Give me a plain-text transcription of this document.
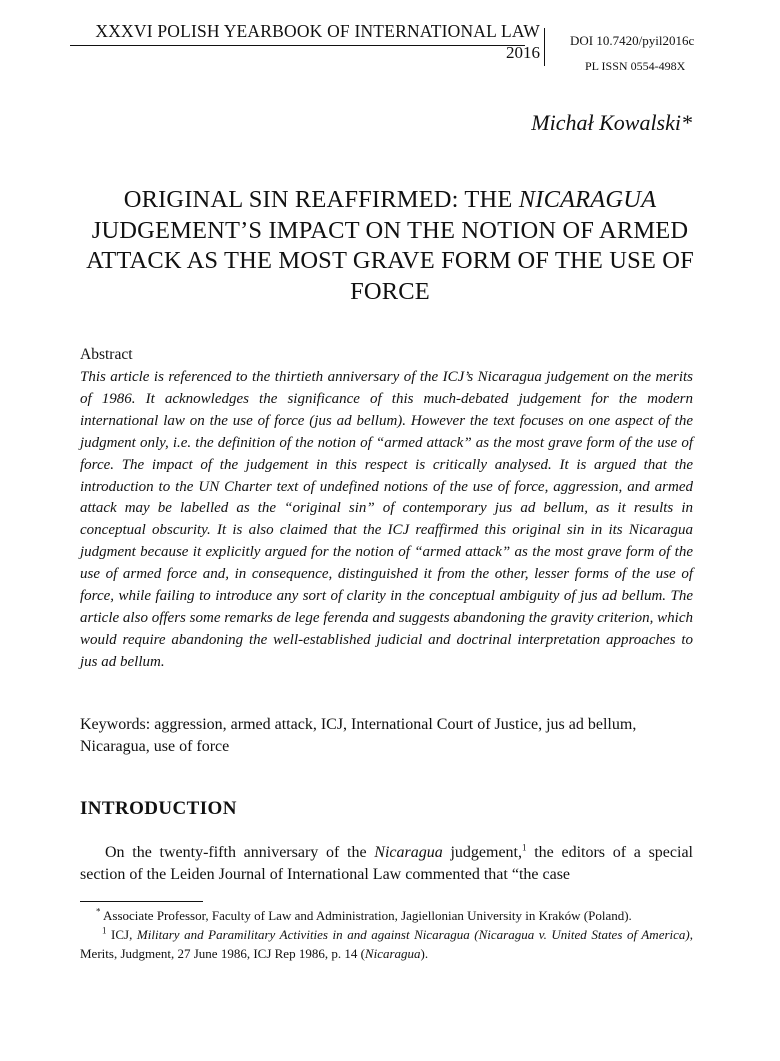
XXXVI POLISH YEARBOOK OF INTERNATIONAL LAW
2016
DOI 10.7420/pyil2016c
PL ISSN 0554-498X
Michał Kowalski*
ORIGINAL SIN REAFFIRMED: THE NICARAGUA JUDGEMENT’S IMPACT ON THE NOTION OF ARMED ATTACK AS THE MOST GRAVE FORM OF THE USE OF FORCE
Abstract

This article is referenced to the thirtieth anniversary of the ICJ’s Nicaragua judgement on the merits of 1986. It acknowledges the significance of this much-debated judgement for the modern international law on the use of force (jus ad bellum). However the text focuses on one aspect of the judgment only, i.e. the definition of the notion of “armed attack” as the most grave form of the use of force. The impact of the judgement in this respect is critically analysed. It is argued that the introduction to the UN Charter text of undefined notions of the use of force, aggression, and armed attack may be labelled as the “original sin” of contemporary jus ad bellum, as it results in conceptual obscurity. It is also claimed that the ICJ reaffirmed this original sin in its Nicaragua judgment because it explicitly argued for the notion of “armed attack” as the most grave form of the use of armed force and, in consequence, distinguished it from the other, lesser forms of the use of force, while failing to introduce any sort of clarity in the conceptual ambiguity of jus ad bellum. The article also offers some remarks de lege ferenda and suggests abandoning the gravity criterion, which would require abandoning the well-established judicial and doctrinal interpretation approaches to jus ad bellum.

Keywords: aggression, armed attack, ICJ, International Court of Justice, jus ad bellum, Nicaragua, use of force

INTRODUCTION

On the twenty-fifth anniversary of the Nicaragua judgement,$^1$ the editors of a special section of the Leiden Journal of International Law commented that “the case

* Associate Professor, Faculty of Law and Administration, Jagiellonian University in Kraków (Poland).

$^1$ ICJ, Military and Paramilitary Activities in and against Nicaragua (Nicaragua v. United States of America), Merits, Judgment, 27 June 1986, ICJ Rep 1986, p. 14 (Nicaragua).
